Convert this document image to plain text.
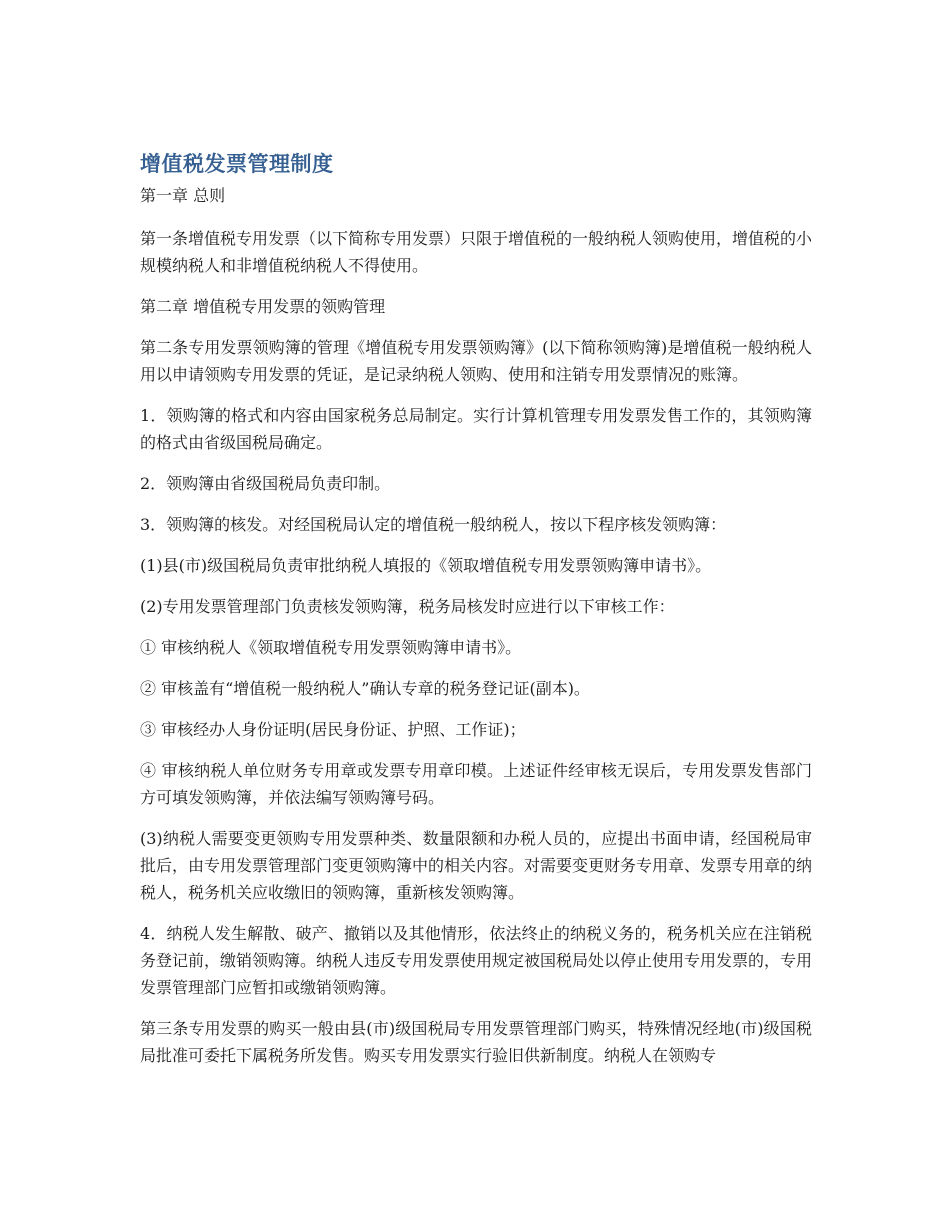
增值税发票管理制度
第一章 总则

第一条增值税专用发票（以下简称专用发票）只限于增值税的一般纳税人领购使用，增值税的小规模纳税人和非增值税纳税人不得使用。

第二章 增值税专用发票的领购管理

第二条专用发票领购簿的管理《增值税专用发票领购簿》(以下简称领购簿)是增值税一般纳税人用以申请领购专用发票的凭证，是记录纳税人领购、使用和注销专用发票情况的账簿。

1．领购簿的格式和内容由国家税务总局制定。实行计算机管理专用发票发售工作的，其领购簿的格式由省级国税局确定。

2．领购簿由省级国税局负责印制。

3．领购簿的核发。对经国税局认定的增值税一般纳税人，按以下程序核发领购簿：

(1)县(市)级国税局负责审批纳税人填报的《领取增值税专用发票领购簿申请书》。

(2)专用发票管理部门负责核发领购簿，税务局核发时应进行以下审核工作：

① 审核纳税人《领取增值税专用发票领购簿申请书》。

② 审核盖有“增值税一般纳税人”确认专章的税务登记证(副本)。

③ 审核经办人身份证明(居民身份证、护照、工作证)；

④ 审核纳税人单位财务专用章或发票专用章印模。上述证件经审核无误后，专用发票发售部门方可填发领购簿，并依法编写领购簿号码。

(3)纳税人需要变更领购专用发票种类、数量限额和办税人员的，应提出书面申请，经国税局审批后，由专用发票管理部门变更领购簿中的相关内容。对需要变更财务专用章、发票专用章的纳税人，税务机关应收缴旧的领购簿，重新核发领购簿。

4．纳税人发生解散、破产、撤销以及其他情形，依法终止的纳税义务的，税务机关应在注销税务登记前，缴销领购簿。纳税人违反专用发票使用规定被国税局处以停止使用专用发票的，专用发票管理部门应暂扣或缴销领购簿。

第三条专用发票的购买一般由县(市)级国税局专用发票管理部门购买，特殊情况经地(市)级国税局批准可委托下属税务所发售。购买专用发票实行验旧供新制度。纳税人在领购专
